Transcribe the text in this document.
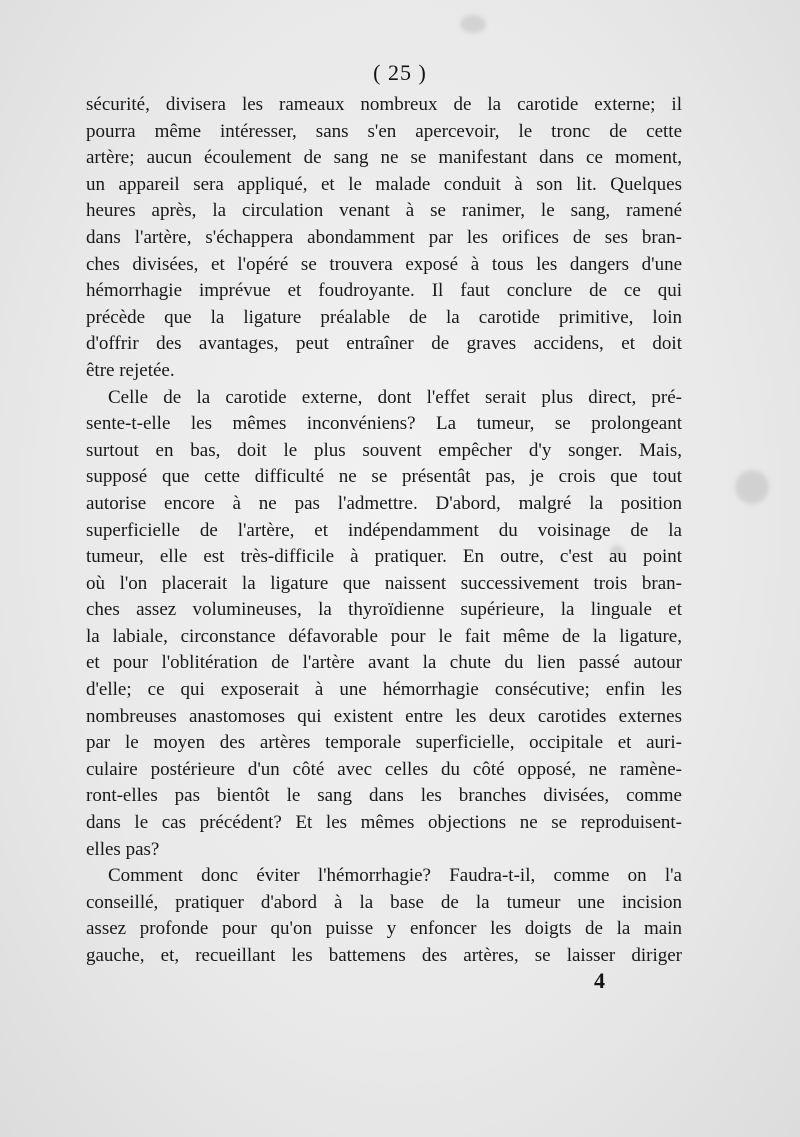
( 25 )
sécurité, divisera les rameaux nombreux de la carotide externe; il
pourra même intéresser, sans s'en apercevoir, le tronc de cette
artère; aucun écoulement de sang ne se manifestant dans ce moment,
un appareil sera appliqué, et le malade conduit à son lit. Quelques
heures après, la circulation venant à se ranimer, le sang, ramené
dans l'artère, s'échappera abondamment par les orifices de ses bran-
ches divisées, et l'opéré se trouvera exposé à tous les dangers d'une
hémorrhagie imprévue et foudroyante. Il faut conclure de ce qui
précède que la ligature préalable de la carotide primitive, loin
d'offrir des avantages, peut entraîner de graves accidens, et doit
être rejetée.
Celle de la carotide externe, dont l'effet serait plus direct, pré-
sente-t-elle les mêmes inconvéniens? La tumeur, se prolongeant
surtout en bas, doit le plus souvent empêcher d'y songer. Mais,
supposé que cette difficulté ne se présentât pas, je crois que tout
autorise encore à ne pas l'admettre. D'abord, malgré la position
superficielle de l'artère, et indépendamment du voisinage de la
tumeur, elle est très-difficile à pratiquer. En outre, c'est au point
où l'on placerait la ligature que naissent successivement trois bran-
ches assez volumineuses, la thyroïdienne supérieure, la linguale et
la labiale, circonstance défavorable pour le fait même de la ligature,
et pour l'oblitération de l'artère avant la chute du lien passé autour
d'elle; ce qui exposerait à une hémorrhagie consécutive; enfin les
nombreuses anastomoses qui existent entre les deux carotides externes
par le moyen des artères temporale superficielle, occipitale et auri-
culaire postérieure d'un côté avec celles du côté opposé, ne ramène-
ront-elles pas bientôt le sang dans les branches divisées, comme
dans le cas précédent? Et les mêmes objections ne se reproduisent-
elles pas?
Comment donc éviter l'hémorrhagie? Faudra-t-il, comme on l'a
conseillé, pratiquer d'abord à la base de la tumeur une incision
assez profonde pour qu'on puisse y enfoncer les doigts de la main
gauche, et, recueillant les battemens des artères, se laisser diriger
4
